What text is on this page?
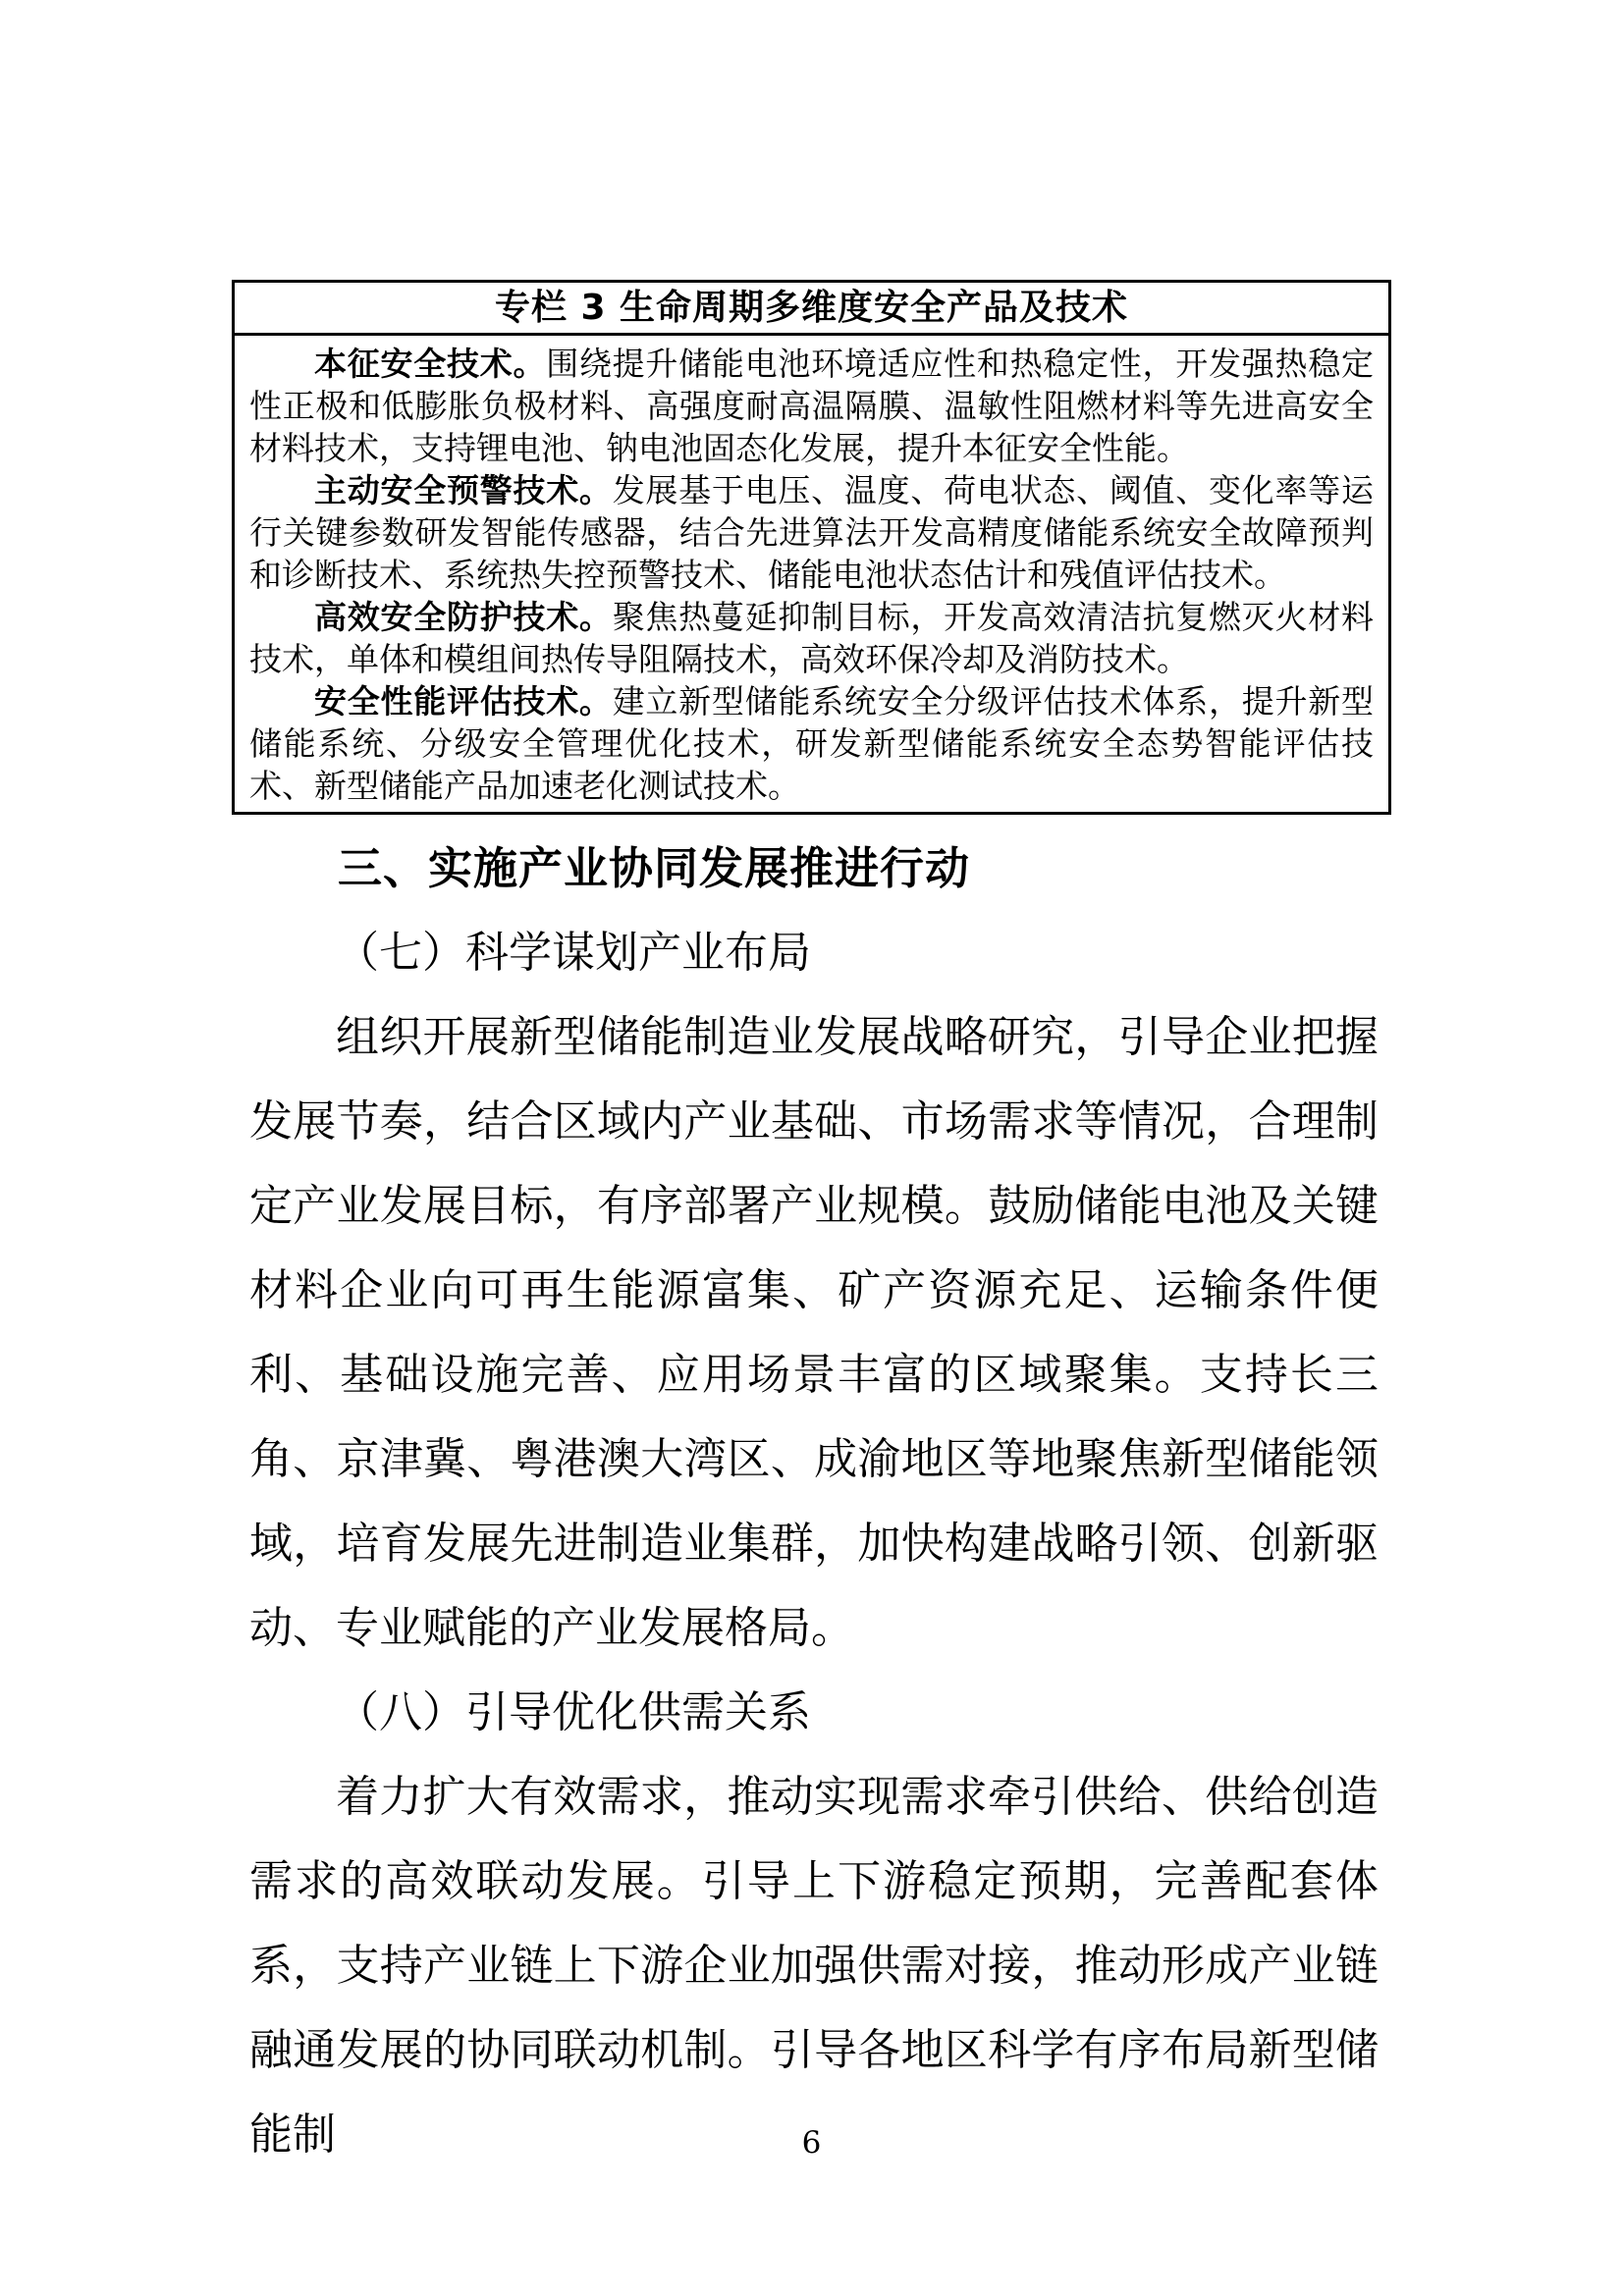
专栏 3 生命周期多维度安全产品及技术

本征安全技术。围绕提升储能电池环境适应性和热稳定性，开发强热稳定性正极和低膨胀负极材料、高强度耐高温隔膜、温敏性阻燃材料等先进高安全材料技术，支持锂电池、钠电池固态化发展，提升本征安全性能。

主动安全预警技术。发展基于电压、温度、荷电状态、阈值、变化率等运行关键参数研发智能传感器，结合先进算法开发高精度储能系统安全故障预判和诊断技术、系统热失控预警技术、储能电池状态估计和残值评估技术。

高效安全防护技术。聚焦热蔓延抑制目标，开发高效清洁抗复燃灭火材料技术，单体和模组间热传导阻隔技术，高效环保冷却及消防技术。

安全性能评估技术。建立新型储能系统安全分级评估技术体系，提升新型储能系统、分级安全管理优化技术，研发新型储能系统安全态势智能评估技术、新型储能产品加速老化测试技术。

三、实施产业协同发展推进行动
（七）科学谋划产业布局

组织开展新型储能制造业发展战略研究，引导企业把握发展节奏，结合区域内产业基础、市场需求等情况，合理制定产业发展目标，有序部署产业规模。鼓励储能电池及关键材料企业向可再生能源富集、矿产资源充足、运输条件便利、基础设施完善、应用场景丰富的区域聚集。支持长三角、京津冀、粤港澳大湾区、成渝地区等地聚焦新型储能领域，培育发展先进制造业集群，加快构建战略引领、创新驱动、专业赋能的产业发展格局。

（八）引导优化供需关系

着力扩大有效需求，推动实现需求牵引供给、供给创造需求的高效联动发展。引导上下游稳定预期，完善配套体系，支持产业链上下游企业加强供需对接，推动形成产业链融通发展的协同联动机制。引导各地区科学有序布局新型储能制	6
